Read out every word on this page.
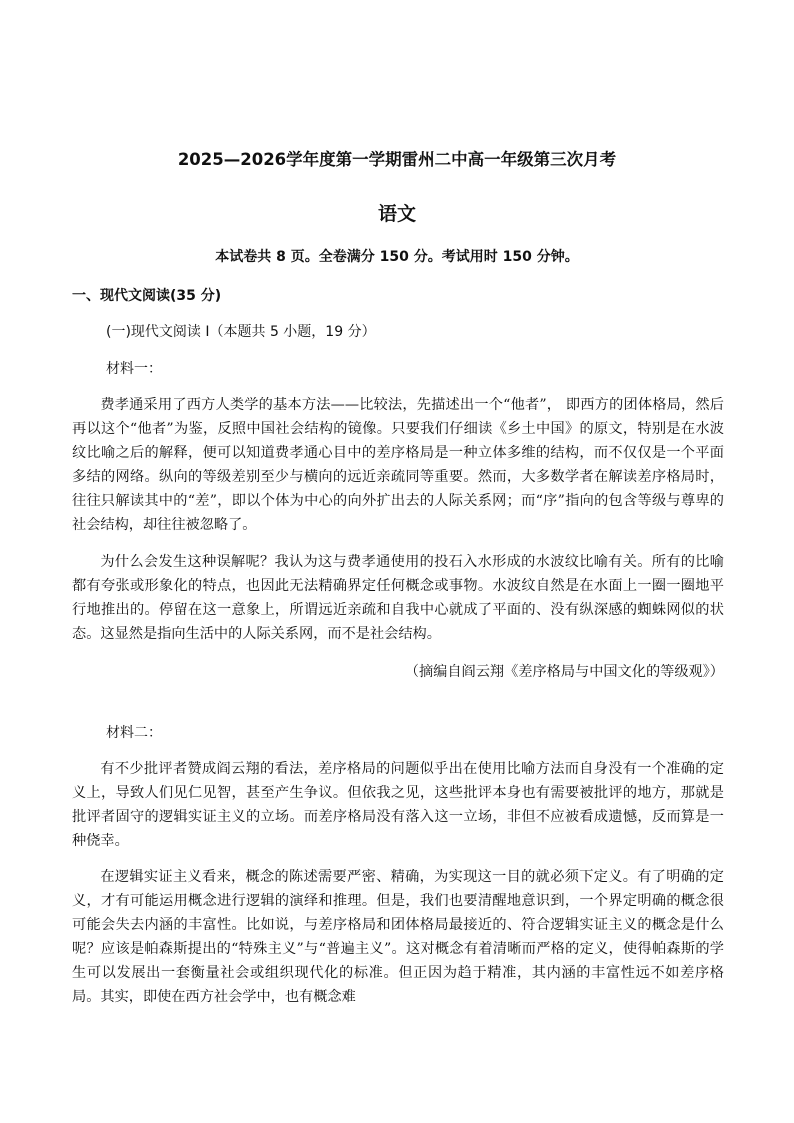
2025—2026学年度第一学期雷州二中高一年级第三次月考
语文

本试卷共 8 页。全卷满分 150 分。考试用时 150 分钟。

一、现代文阅读(35 分)

(一)现代文阅读 I（本题共 5 小题，19 分）

材料一：

费孝通采用了西方人类学的基本方法——比较法，先描述出一个“他者”， 即西方的团体格局，然后再以这个“他者”为鉴，反照中国社会结构的镜像。只要我们仔细读《乡土中国》的原文，特别是在水波纹比喻之后的解释，便可以知道费孝通心目中的差序格局是一种立体多维的结构，而不仅仅是一个平面多结的网络。纵向的等级差别至少与横向的远近亲疏同等重要。然而，大多数学者在解读差序格局时，往往只解读其中的“差”，即以个体为中心的向外扩出去的人际关系网；而“序”指向的包含等级与尊卑的社会结构，却往往被忽略了。

为什么会发生这种误解呢？我认为这与费孝通使用的投石入水形成的水波纹比喻有关。所有的比喻都有夸张或形象化的特点，也因此无法精确界定任何概念或事物。水波纹自然是在水面上一圈一圈地平行地推出的。停留在这一意象上，所谓远近亲疏和自我中心就成了平面的、没有纵深感的蜘蛛网似的状态。这显然是指向生活中的人际关系网，而不是社会结构。

（摘编自阎云翔《差序格局与中国文化的等级观》）

材料二：

有不少批评者赞成阎云翔的看法，差序格局的问题似乎出在使用比喻方法而自身没有一个准确的定义上，导致人们见仁见智，甚至产生争议。但依我之见，这些批评本身也有需要被批评的地方，那就是批评者固守的逻辑实证主义的立场。而差序格局没有落入这一立场，非但不应被看成遗憾，反而算是一种侥幸。

在逻辑实证主义看来，概念的陈述需要严密、精确，为实现这一目的就必须下定义。有了明确的定义，才有可能运用概念进行逻辑的演绎和推理。但是，我们也要清醒地意识到，一个界定明确的概念很可能会失去内涵的丰富性。比如说，与差序格局和团体格局最接近的、符合逻辑实证主义的概念是什么呢？应该是帕森斯提出的“特殊主义”与“普遍主义”。这对概念有着清晰而严格的定义，使得帕森斯的学生可以发展出一套衡量社会或组织现代化的标准。但正因为趋于精准，其内涵的丰富性远不如差序格局。其实，即使在西方社会学中，也有概念难
